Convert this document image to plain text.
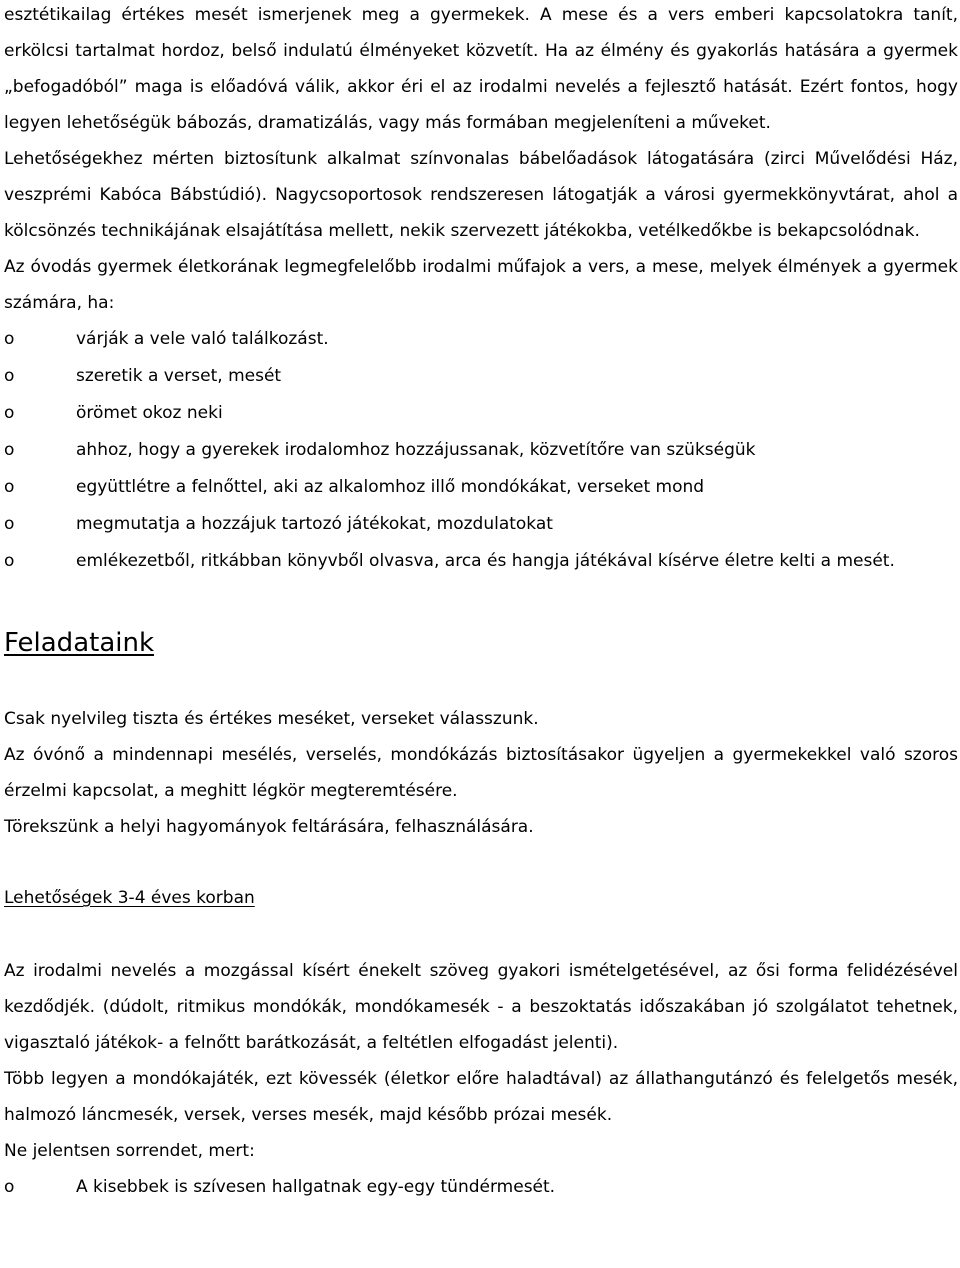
esztétikailag értékes mesét ismerjenek meg a gyermekek. A mese és a vers emberi kapcsolatokra tanít, erkölcsi tartalmat hordoz, belső indulatú élményeket közvetít. Ha az élmény és gyakorlás hatására a gyermek „befogadóból” maga is előadóvá válik, akkor éri el az irodalmi nevelés a fejlesztő hatását. Ezért fontos, hogy legyen lehetőségük bábozás, dramatizálás, vagy más formában megjeleníteni a műveket.

Lehetőségekhez mérten biztosítunk alkalmat színvonalas bábelőadások látogatására (zirci Művelődési Ház, veszprémi Kabóca Bábstúdió). Nagycsoportosok rendszeresen látogatják a városi gyermekkönyvtárat, ahol a kölcsönzés technikájának elsajátítása mellett, nekik szervezett játékokba, vetélkedőkbe is bekapcsolódnak.

Az óvodás gyermek életkorának legmegfelelőbb irodalmi műfajok a vers, a mese, melyek élmények a gyermek számára, ha:

o	várják a vele való találkozást.
o	szeretik a verset, mesét
o	örömet okoz neki
o	ahhoz, hogy a gyerekek irodalomhoz hozzájussanak, közvetítőre van szükségük
o	együttlétre a felnőttel, aki az alkalomhoz illő mondókákat, verseket mond
o	megmutatja a hozzájuk tartozó játékokat, mozdulatokat
o	emlékezetből, ritkábban könyvből olvasva, arca és hangja játékával kísérve életre kelti a mesét.
Feladataink

Csak nyelvileg tiszta és értékes meséket, verseket válasszunk.

Az óvónő a mindennapi mesélés, verselés, mondókázás biztosításakor ügyeljen a gyermekekkel való szoros érzelmi kapcsolat, a meghitt légkör megteremtésére.

Törekszünk a helyi hagyományok feltárására, felhasználására.

Lehetőségek 3-4 éves korban

Az irodalmi nevelés a mozgással kísért énekelt szöveg gyakori ismételgetésével, az ősi forma felidézésével kezdődjék. (dúdolt, ritmikus mondókák, mondókamesék - a beszoktatás időszakában jó szolgálatot tehetnek, vigasztaló játékok- a felnőtt barátkozását, a feltétlen elfogadást jelenti).

Több legyen a mondókajáték, ezt kövessék (életkor előre haladtával) az állathangutánzó és felelgetős mesék, halmozó láncmesék, versek, verses mesék, majd később prózai mesék.

Ne jelentsen sorrendet, mert:

o	A kisebbek is szívesen hallgatnak egy-egy tündérmesét.
